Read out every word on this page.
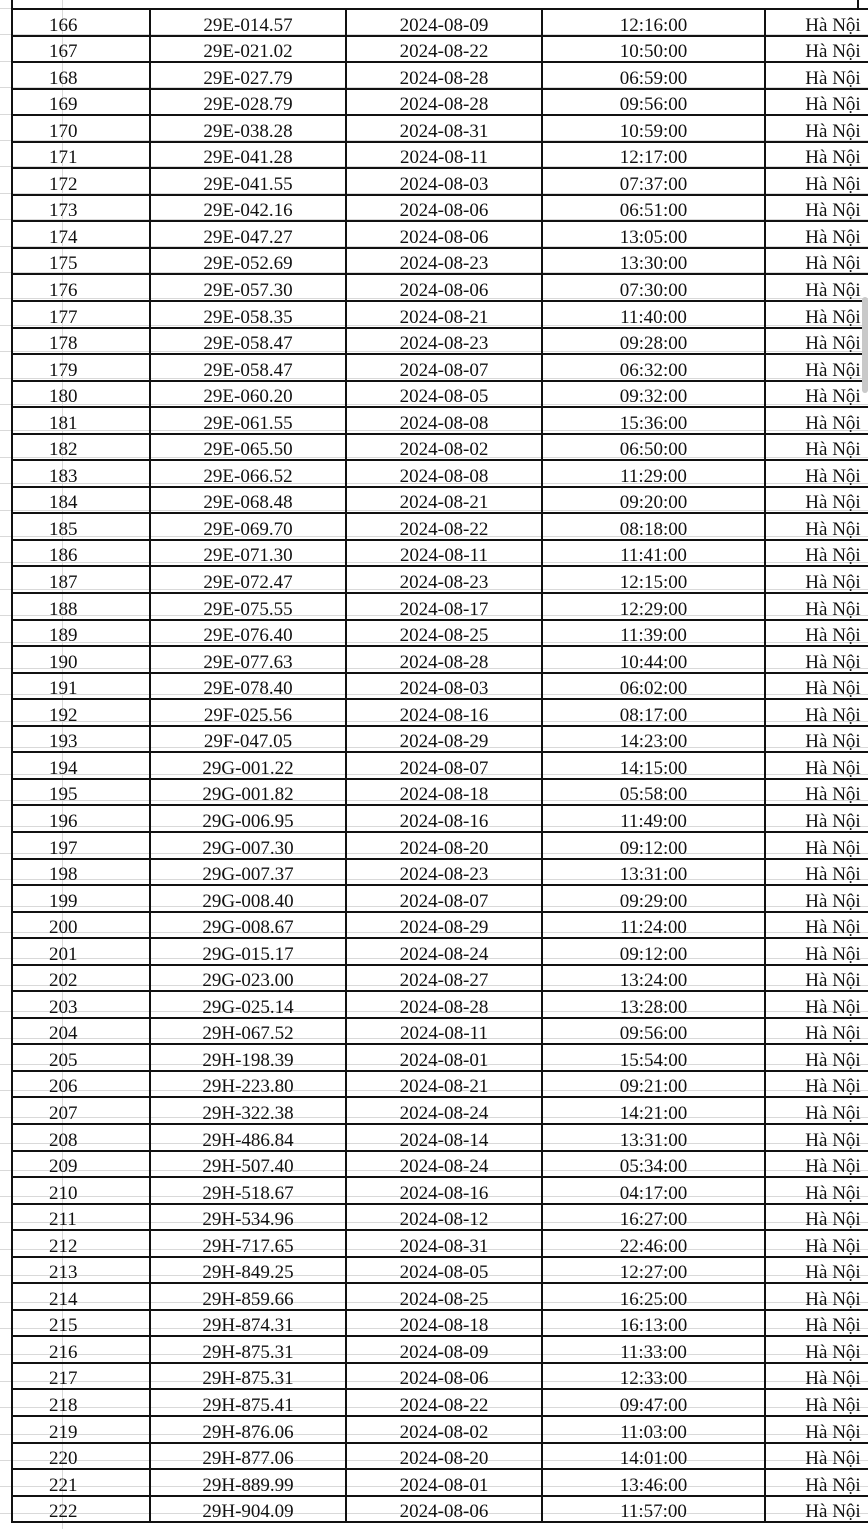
166	29E-014.57	2024-08-09	12:16:00	Hà Nội
167	29E-021.02	2024-08-22	10:50:00	Hà Nội
168	29E-027.79	2024-08-28	06:59:00	Hà Nội
169	29E-028.79	2024-08-28	09:56:00	Hà Nội
170	29E-038.28	2024-08-31	10:59:00	Hà Nội
171	29E-041.28	2024-08-11	12:17:00	Hà Nội
172	29E-041.55	2024-08-03	07:37:00	Hà Nội
173	29E-042.16	2024-08-06	06:51:00	Hà Nội
174	29E-047.27	2024-08-06	13:05:00	Hà Nội
175	29E-052.69	2024-08-23	13:30:00	Hà Nội
176	29E-057.30	2024-08-06	07:30:00	Hà Nội
177	29E-058.35	2024-08-21	11:40:00	Hà Nội
178	29E-058.47	2024-08-23	09:28:00	Hà Nội
179	29E-058.47	2024-08-07	06:32:00	Hà Nội
180	29E-060.20	2024-08-05	09:32:00	Hà Nội
181	29E-061.55	2024-08-08	15:36:00	Hà Nội
182	29E-065.50	2024-08-02	06:50:00	Hà Nội
183	29E-066.52	2024-08-08	11:29:00	Hà Nội
184	29E-068.48	2024-08-21	09:20:00	Hà Nội
185	29E-069.70	2024-08-22	08:18:00	Hà Nội
186	29E-071.30	2024-08-11	11:41:00	Hà Nội
187	29E-072.47	2024-08-23	12:15:00	Hà Nội
188	29E-075.55	2024-08-17	12:29:00	Hà Nội
189	29E-076.40	2024-08-25	11:39:00	Hà Nội
190	29E-077.63	2024-08-28	10:44:00	Hà Nội
191	29E-078.40	2024-08-03	06:02:00	Hà Nội
192	29F-025.56	2024-08-16	08:17:00	Hà Nội
193	29F-047.05	2024-08-29	14:23:00	Hà Nội
194	29G-001.22	2024-08-07	14:15:00	Hà Nội
195	29G-001.82	2024-08-18	05:58:00	Hà Nội
196	29G-006.95	2024-08-16	11:49:00	Hà Nội
197	29G-007.30	2024-08-20	09:12:00	Hà Nội
198	29G-007.37	2024-08-23	13:31:00	Hà Nội
199	29G-008.40	2024-08-07	09:29:00	Hà Nội
200	29G-008.67	2024-08-29	11:24:00	Hà Nội
201	29G-015.17	2024-08-24	09:12:00	Hà Nội
202	29G-023.00	2024-08-27	13:24:00	Hà Nội
203	29G-025.14	2024-08-28	13:28:00	Hà Nội
204	29H-067.52	2024-08-11	09:56:00	Hà Nội
205	29H-198.39	2024-08-01	15:54:00	Hà Nội
206	29H-223.80	2024-08-21	09:21:00	Hà Nội
207	29H-322.38	2024-08-24	14:21:00	Hà Nội
208	29H-486.84	2024-08-14	13:31:00	Hà Nội
209	29H-507.40	2024-08-24	05:34:00	Hà Nội
210	29H-518.67	2024-08-16	04:17:00	Hà Nội
211	29H-534.96	2024-08-12	16:27:00	Hà Nội
212	29H-717.65	2024-08-31	22:46:00	Hà Nội
213	29H-849.25	2024-08-05	12:27:00	Hà Nội
214	29H-859.66	2024-08-25	16:25:00	Hà Nội
215	29H-874.31	2024-08-18	16:13:00	Hà Nội
216	29H-875.31	2024-08-09	11:33:00	Hà Nội
217	29H-875.31	2024-08-06	12:33:00	Hà Nội
218	29H-875.41	2024-08-22	09:47:00	Hà Nội
219	29H-876.06	2024-08-02	11:03:00	Hà Nội
220	29H-877.06	2024-08-20	14:01:00	Hà Nội
221	29H-889.99	2024-08-01	13:46:00	Hà Nội
222	29H-904.09	2024-08-06	11:57:00	Hà Nội
